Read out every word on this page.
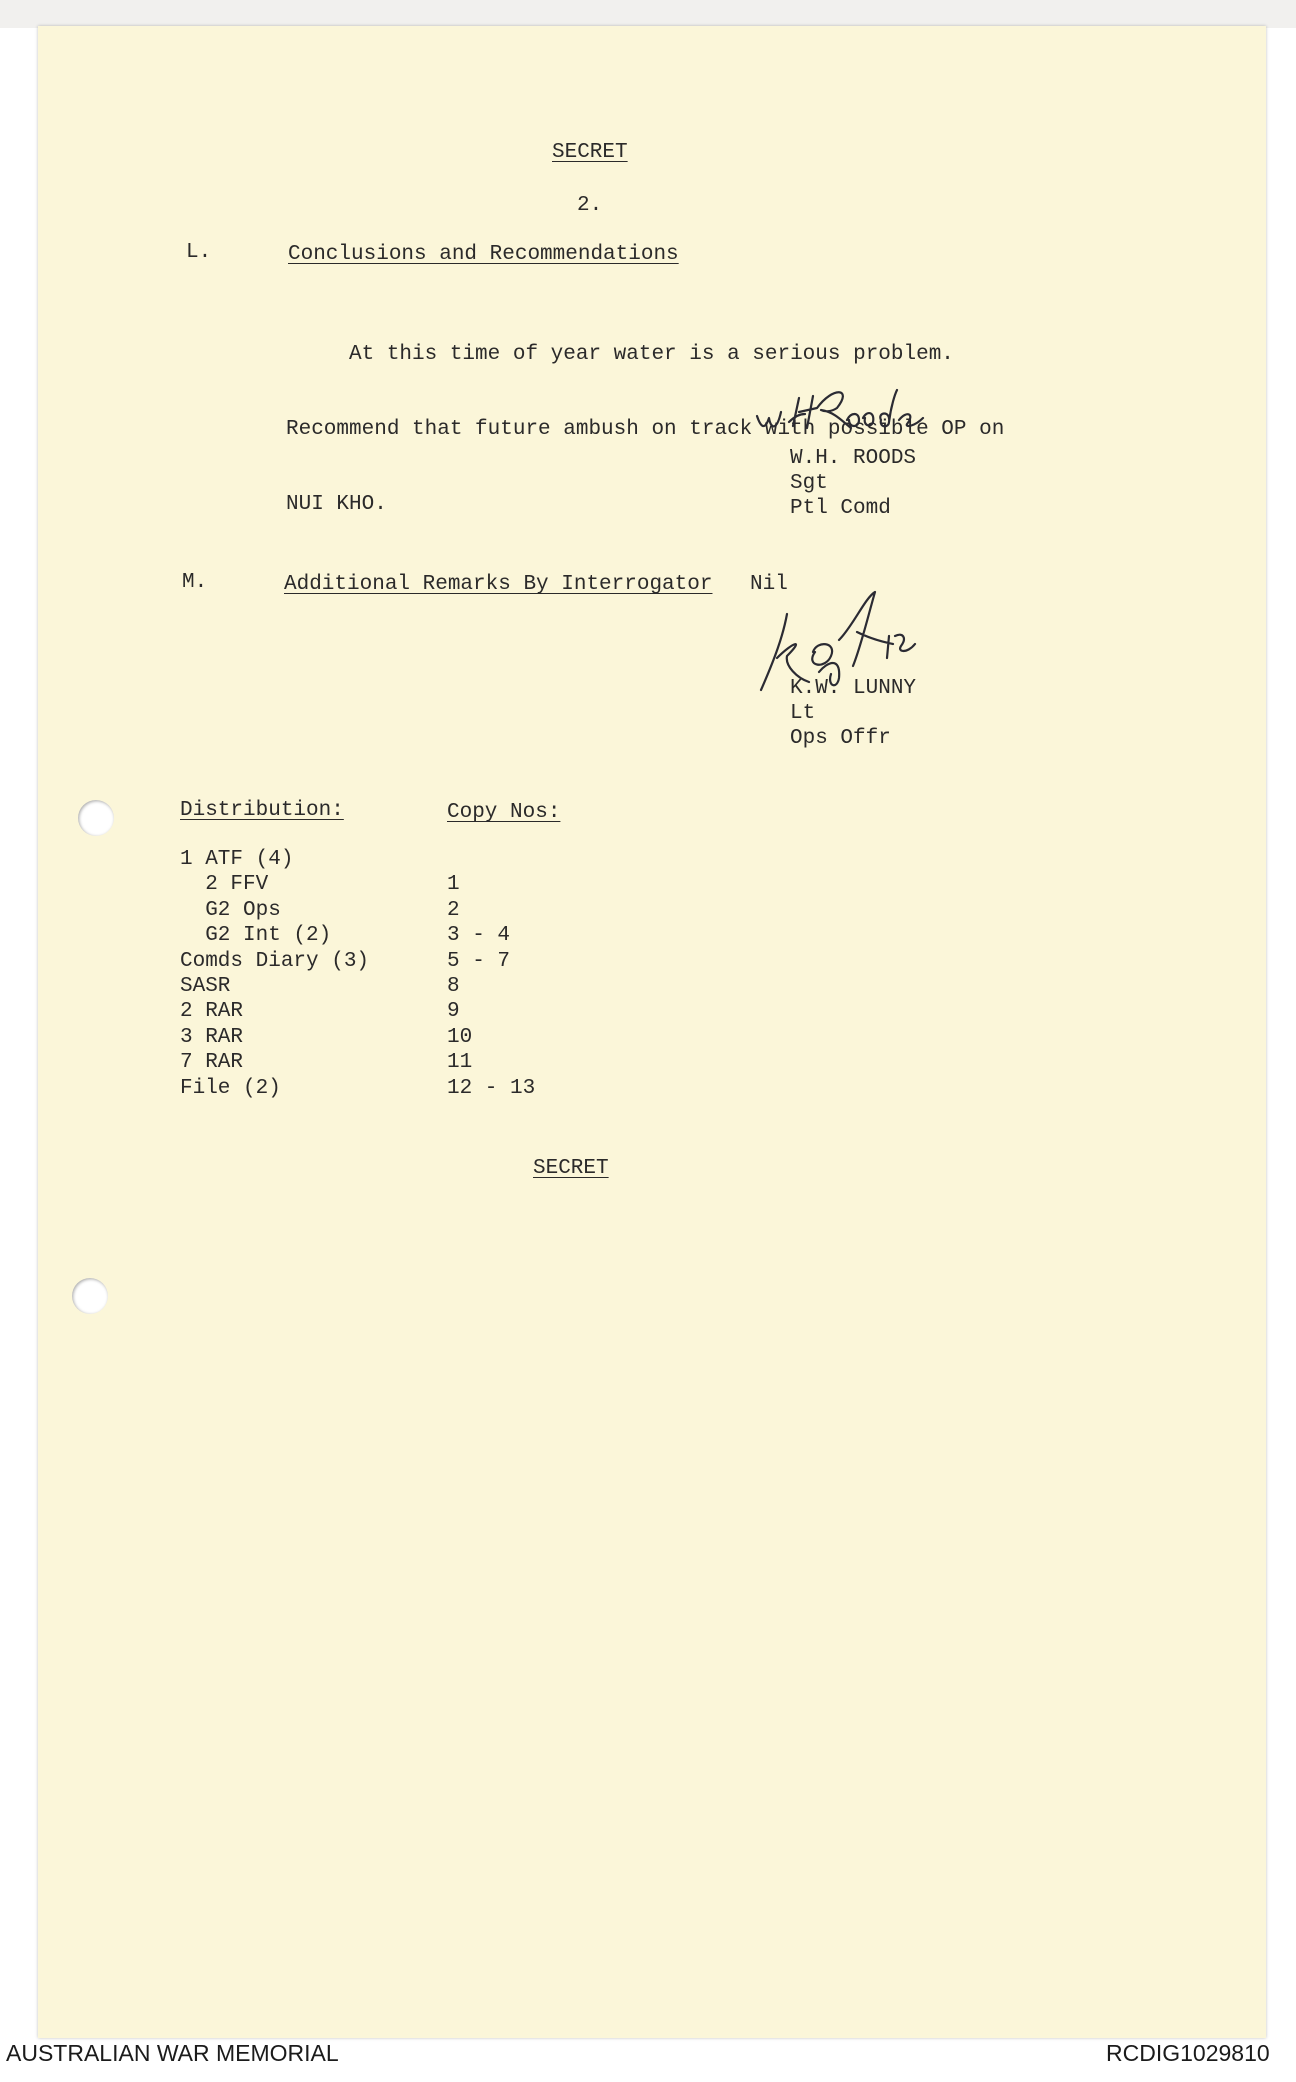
SECRET
2.
L.	Conclusions and Recommendations

At this time of year water is a serious problem.

Recommend that future ambush on track with possible OP on

NUI KHO.

W.H. ROODS
Sgt
Ptl Comd
M.	Additional Remarks By Interrogator Nil
K.W. LUNNY
Lt
Ops Offr
Distribution:	Copy Nos:
1 ATF (4)	
2 FFV	1
G2 Ops	2
G2 Int (2)	3 - 4
Comds Diary (3)	5 - 7
SASR	8
2 RAR	9
3 RAR	10
7 RAR	11
File (2)	12 - 13
SECRET
AUSTRALIAN WAR MEMORIAL	RCDIG1029810
